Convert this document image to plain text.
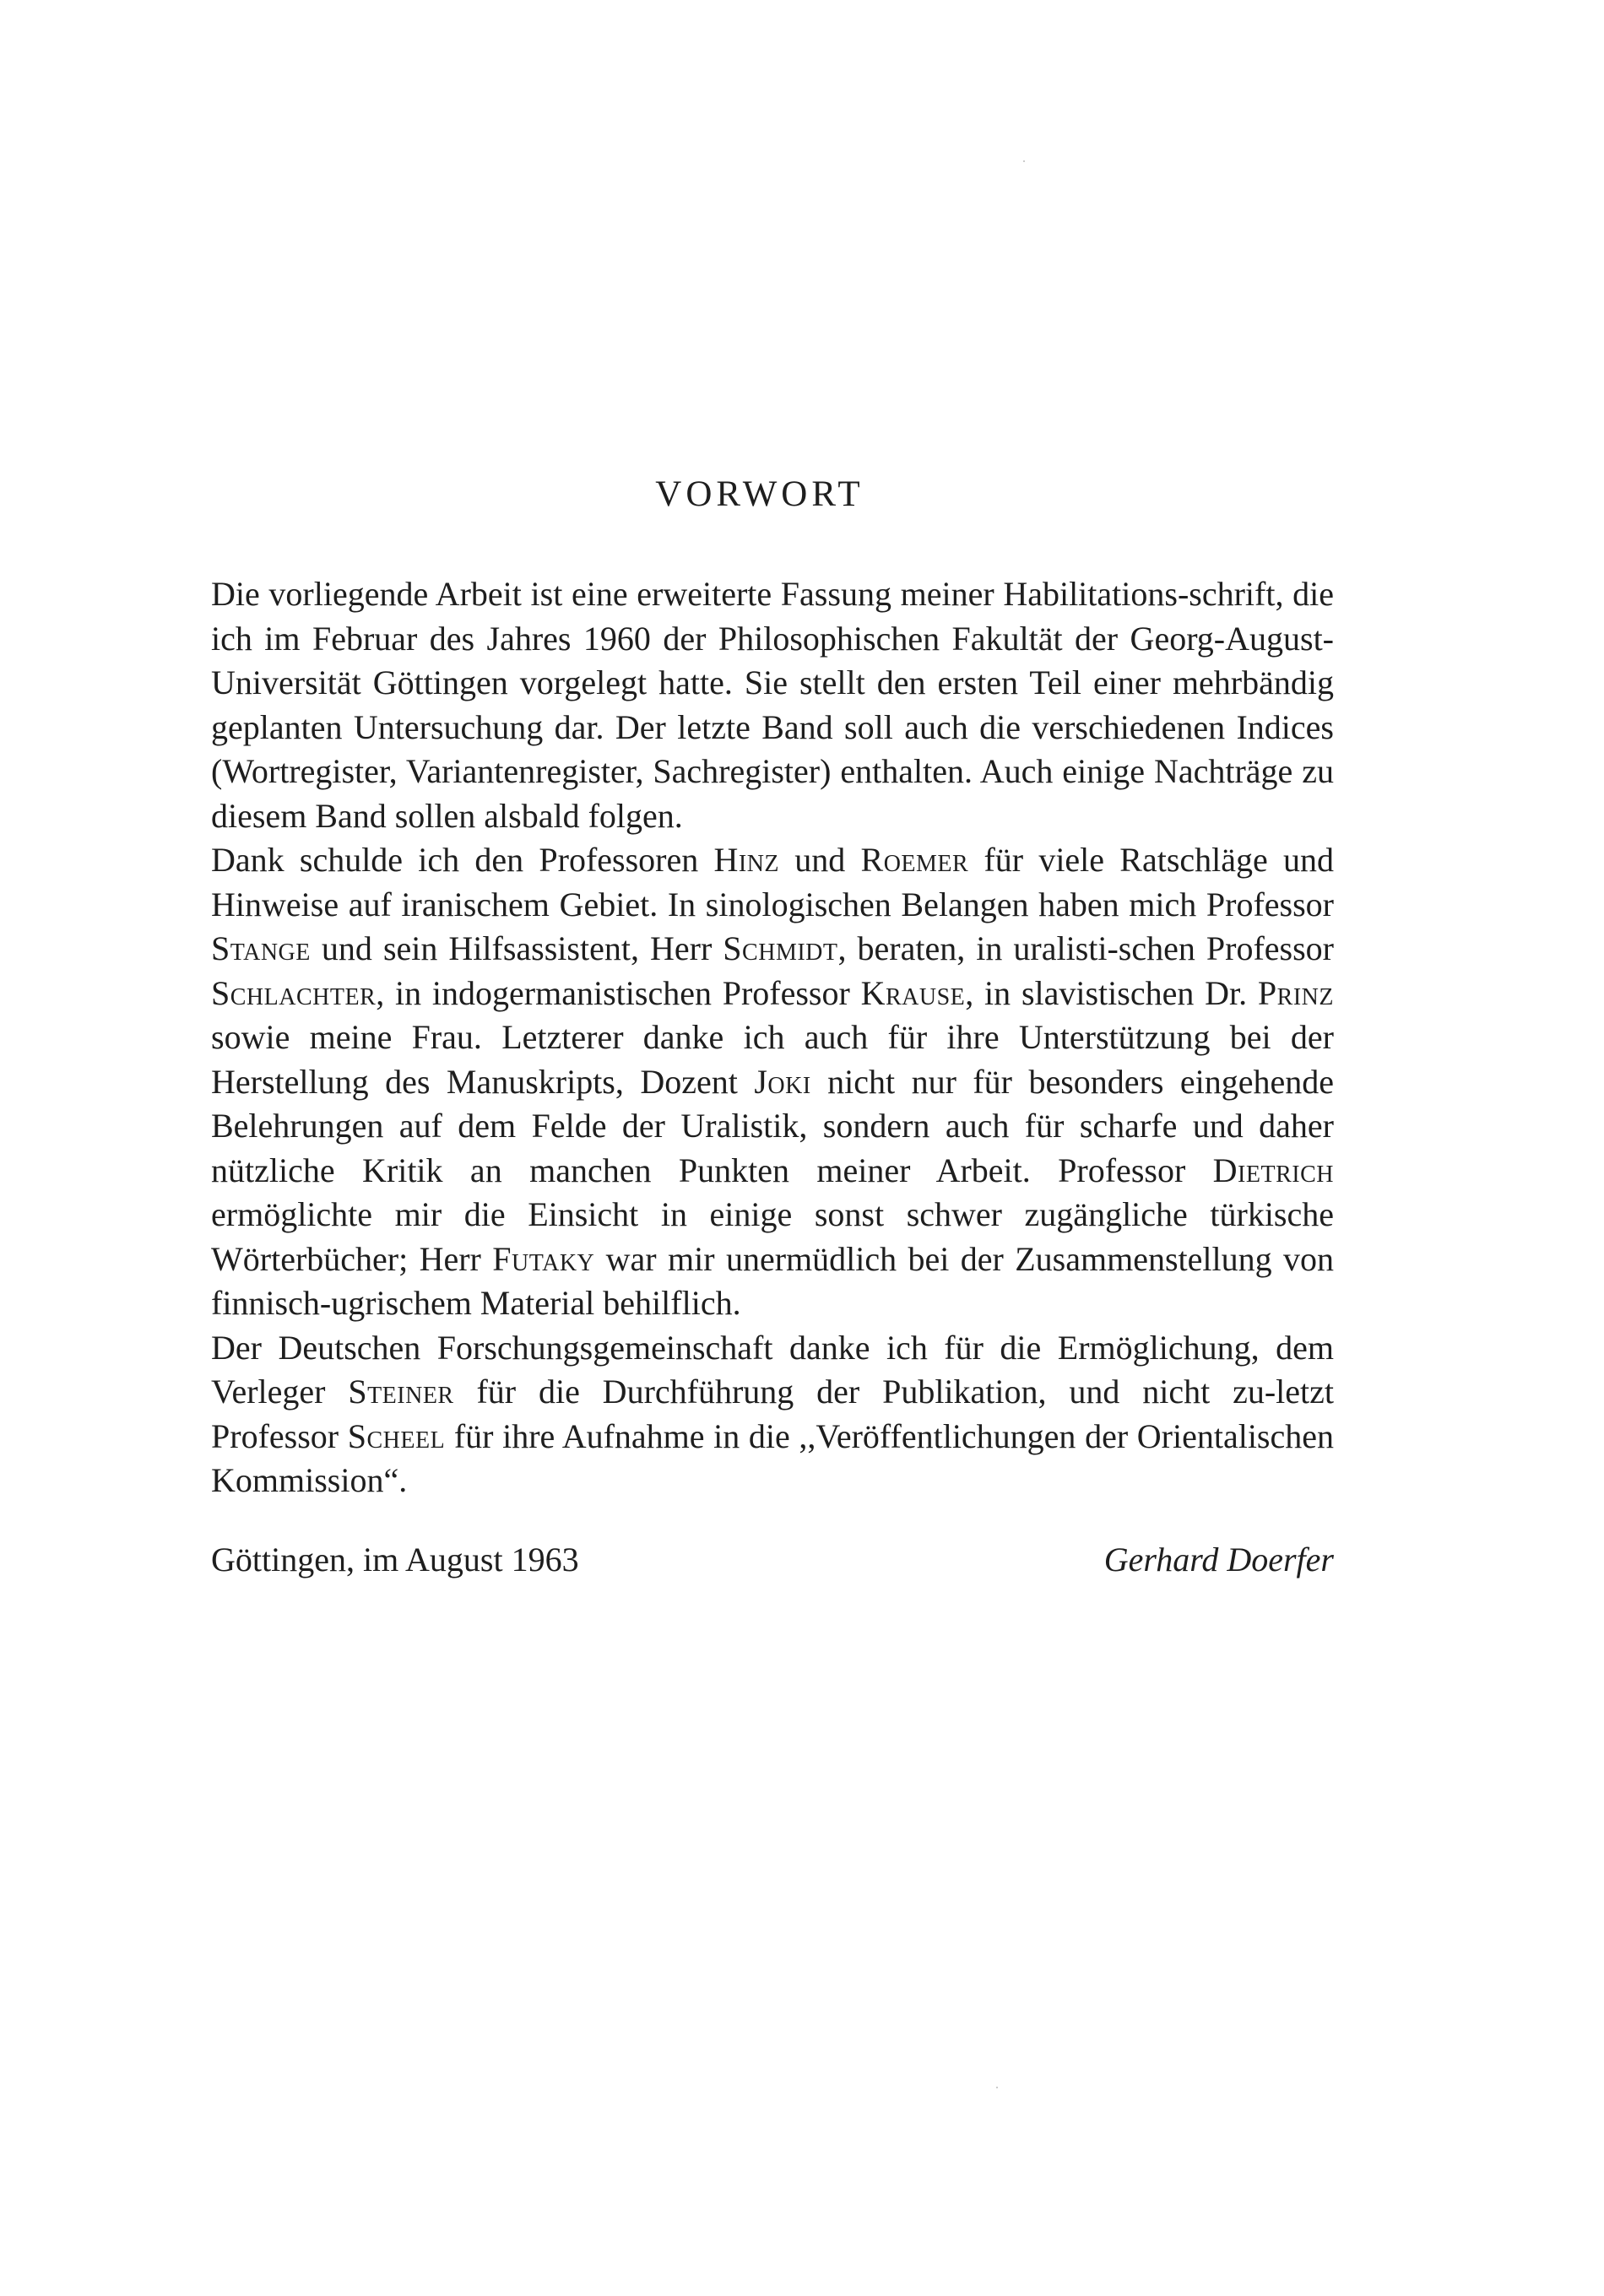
VORWORT

Die vorliegende Arbeit ist eine erweiterte Fassung meiner Habilitations-schrift, die ich im Februar des Jahres 1960 der Philosophischen Fakultät der Georg-August-Universität Göttingen vorgelegt hatte. Sie stellt den ersten Teil einer mehrbändig geplanten Untersuchung dar. Der letzte Band soll auch die verschiedenen Indices (Wortregister, Variantenregister, Sachregister) enthalten. Auch einige Nachträge zu diesem Band sollen alsbald folgen.

Dank schulde ich den Professoren Hinz und Roemer für viele Ratschläge und Hinweise auf iranischem Gebiet. In sinologischen Belangen haben mich Professor Stange und sein Hilfsassistent, Herr Schmidt, beraten, in uralisti-schen Professor Schlachter, in indogermanistischen Professor Krause, in slavistischen Dr. Prinz sowie meine Frau. Letzterer danke ich auch für ihre Unterstützung bei der Herstellung des Manuskripts, Dozent Joki nicht nur für besonders eingehende Belehrungen auf dem Felde der Uralistik, sondern auch für scharfe und daher nützliche Kritik an manchen Punkten meiner Arbeit. Professor Dietrich ermöglichte mir die Einsicht in einige sonst schwer zugängliche türkische Wörterbücher; Herr Futaky war mir unermüdlich bei der Zusammenstellung von finnisch-ugrischem Material behilflich.

Der Deutschen Forschungsgemeinschaft danke ich für die Ermöglichung, dem Verleger Steiner für die Durchführung der Publikation, und nicht zu-letzt Professor Scheel für ihre Aufnahme in die ,,Veröffentlichungen der Orientalischen Kommission“.

Göttingen, im August 1963	Gerhard Doerfer
